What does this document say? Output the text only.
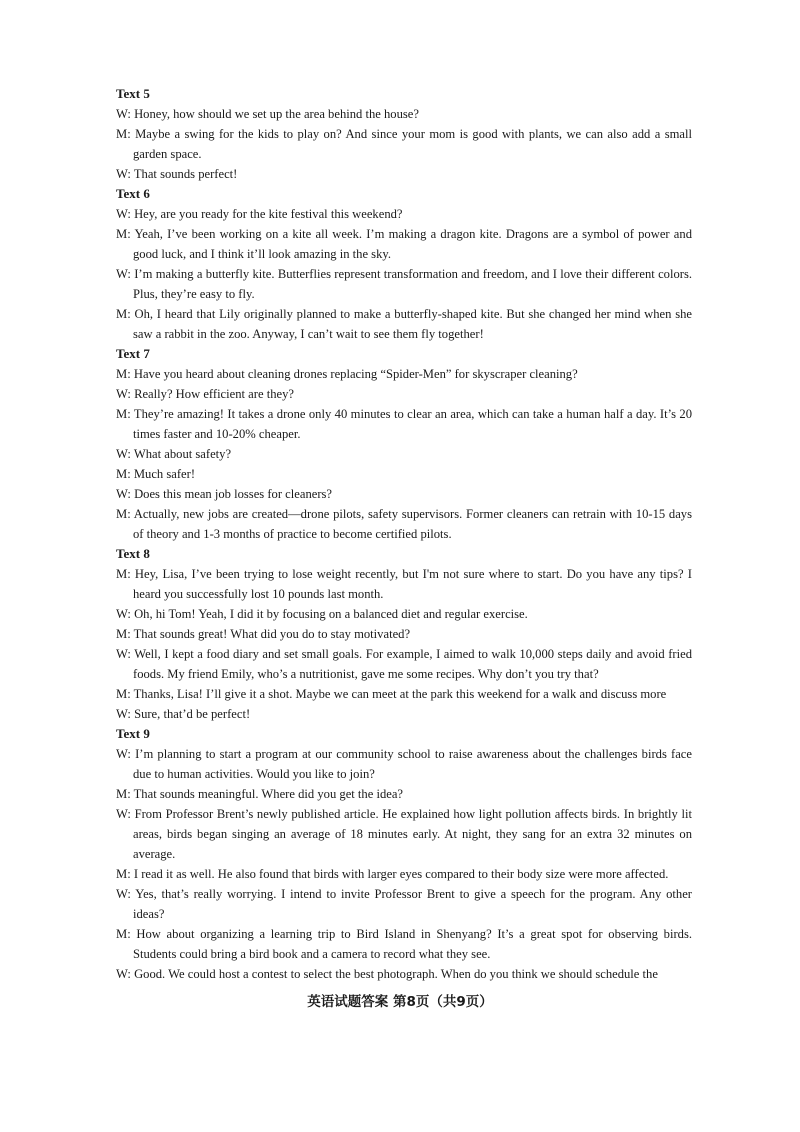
Text 5
W: Honey, how should we set up the area behind the house?
M: Maybe a swing for the kids to play on? And since your mom is good with plants, we can also add a small garden space.
W: That sounds perfect!
Text 6
W: Hey, are you ready for the kite festival this weekend?
M: Yeah, I’ve been working on a kite all week. I’m making a dragon kite. Dragons are a symbol of power and good luck, and I think it’ll look amazing in the sky.
W: I’m making a butterfly kite. Butterflies represent transformation and freedom, and I love their different colors. Plus, they’re easy to fly.
M: Oh, I heard that Lily originally planned to make a butterfly-shaped kite. But she changed her mind when she saw a rabbit in the zoo. Anyway, I can’t wait to see them fly together!
Text 7
M: Have you heard about cleaning drones replacing “Spider-Men” for skyscraper cleaning?
W: Really? How efficient are they?
M: They’re amazing! It takes a drone only 40 minutes to clear an area, which can take a human half a day. It’s 20 times faster and 10-20% cheaper.
W: What about safety?
M: Much safer!
W: Does this mean job losses for cleaners?
M: Actually, new jobs are created—drone pilots, safety supervisors. Former cleaners can retrain with 10-15 days of theory and 1-3 months of practice to become certified pilots.
Text 8
M: Hey, Lisa, I’ve been trying to lose weight recently, but I'm not sure where to start. Do you have any tips? I heard you successfully lost 10 pounds last month.
W: Oh, hi Tom! Yeah, I did it by focusing on a balanced diet and regular exercise.
M: That sounds great! What did you do to stay motivated?
W: Well, I kept a food diary and set small goals. For example, I aimed to walk 10,000 steps daily and avoid fried foods. My friend Emily, who’s a nutritionist, gave me some recipes. Why don’t you try that?
M: Thanks, Lisa! I’ll give it a shot. Maybe we can meet at the park this weekend for a walk and discuss more
W: Sure, that’d be perfect!
Text 9
W: I’m planning to start a program at our community school to raise awareness about the challenges birds face due to human activities. Would you like to join?
M: That sounds meaningful. Where did you get the idea?
W: From Professor Brent’s newly published article. He explained how light pollution affects birds. In brightly lit areas, birds began singing an average of 18 minutes early. At night, they sang for an extra 32 minutes on average.
M: I read it as well. He also found that birds with larger eyes compared to their body size were more affected.
W: Yes, that’s really worrying. I intend to invite Professor Brent to give a speech for the program. Any other ideas?
M: How about organizing a learning trip to Bird Island in Shenyang? It’s a great spot for observing birds. Students could bring a bird book and a camera to record what they see.
W: Good. We could host a contest to select the best photograph. When do you think we should schedule the
英语试题答案 第8页（共9页）
